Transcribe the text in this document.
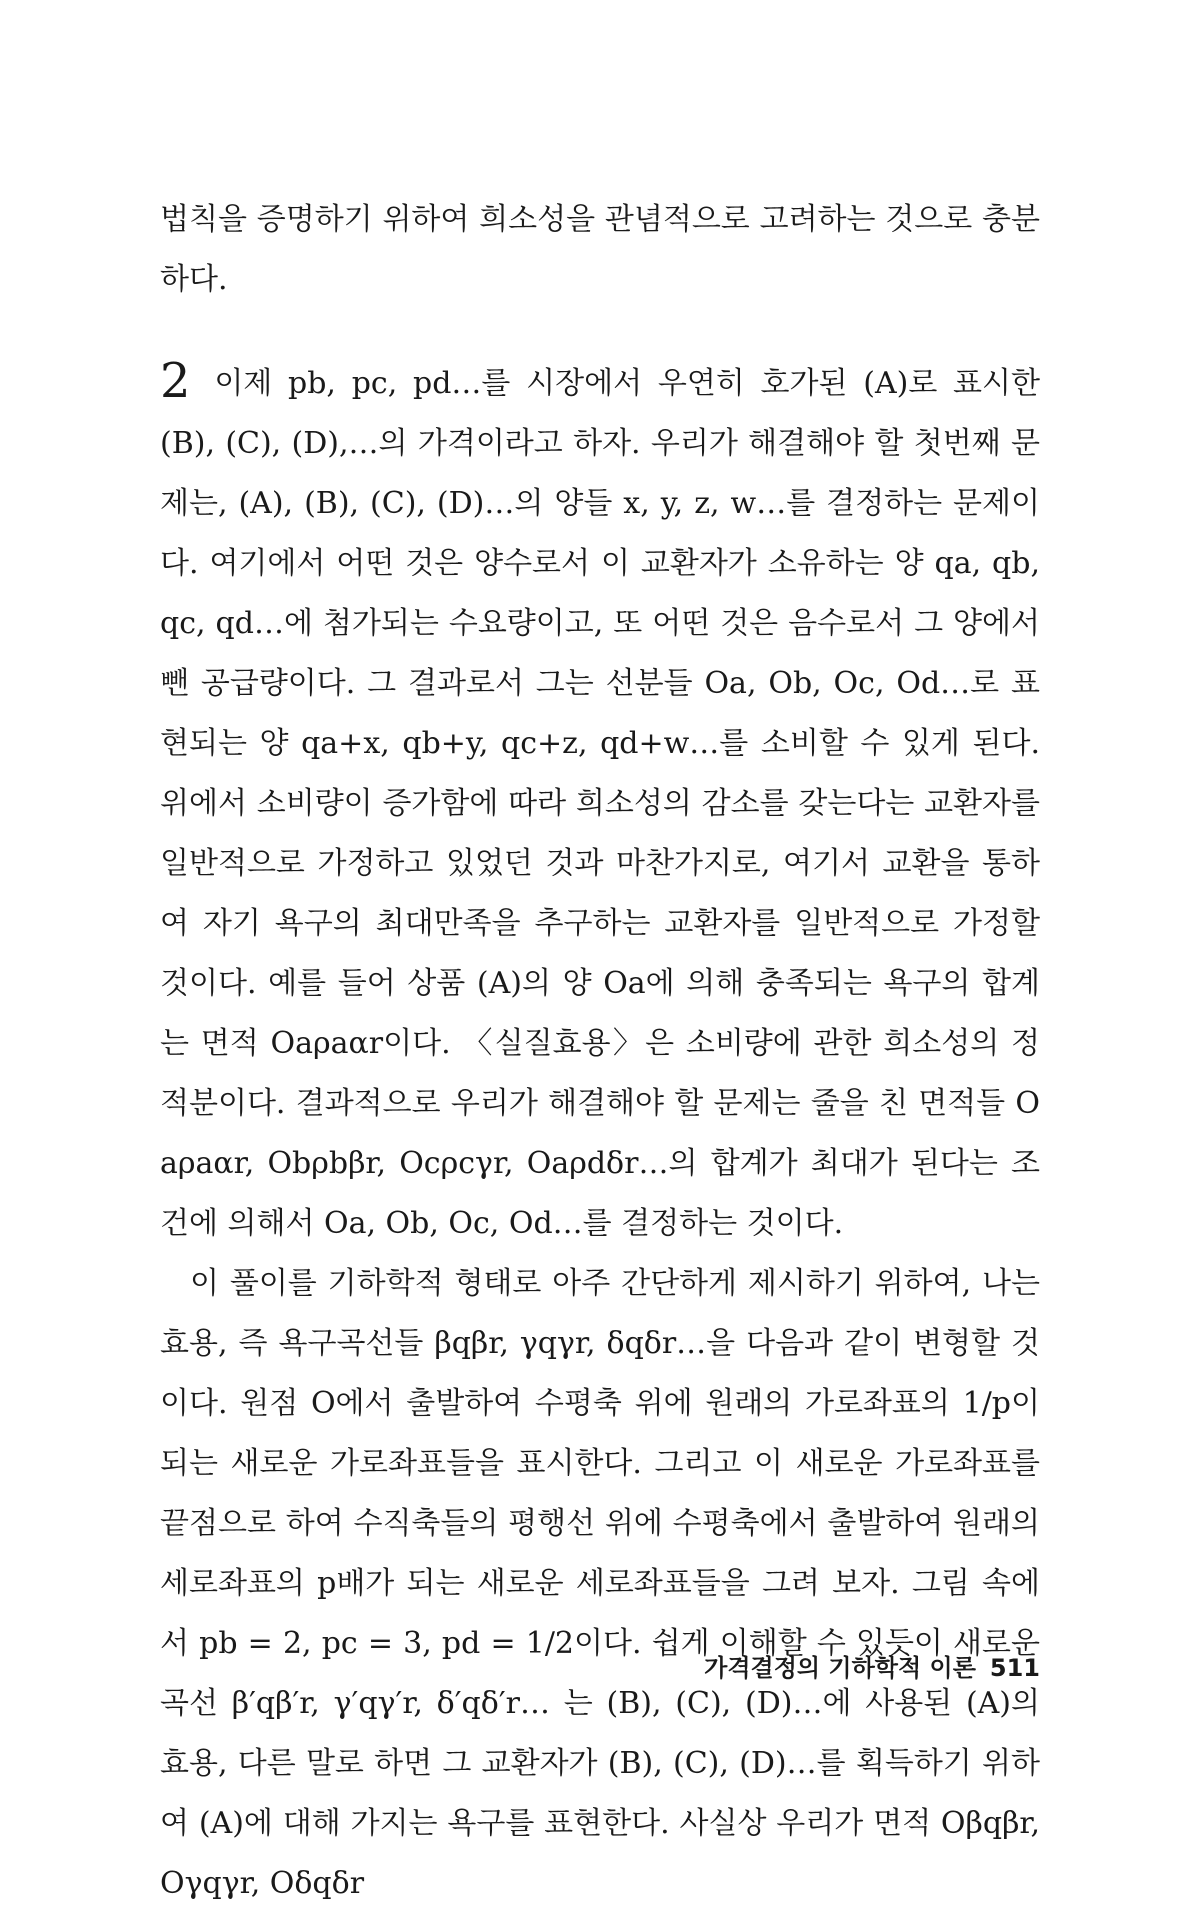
법칙을 증명하기 위하여 희소성을 관념적으로 고려하는 것으로 충분하다.

2 이제 pb, pc, pd…를 시장에서 우연히 호가된 (A)로 표시한 (B), (C), (D),…의 가격이라고 하자. 우리가 해결해야 할 첫번째 문제는, (A), (B), (C), (D)…의 양들 x, y, z, w…를 결정하는 문제이다. 여기에서 어떤 것은 양수로서 이 교환자가 소유하는 양 qa, qb, qc, qd…에 첨가되는 수요량이고, 또 어떤 것은 음수로서 그 양에서 뺀 공급량이다. 그 결과로서 그는 선분들 Oa, Ob, Oc, Od…로 표현되는 양 qa+x, qb+y, qc+z, qd+w…를 소비할 수 있게 된다. 위에서 소비량이 증가함에 따라 희소성의 감소를 갖는다는 교환자를 일반적으로 가정하고 있었던 것과 마찬가지로, 여기서 교환을 통하여 자기 욕구의 최대만족을 추구하는 교환자를 일반적으로 가정할 것이다. 예를 들어 상품 (A)의 양 Oa에 의해 충족되는 욕구의 합계는 면적 Oaρaαr이다. 〈실질효용〉은 소비량에 관한 희소성의 정적분이다. 결과적으로 우리가 해결해야 할 문제는 줄을 친 면적들 Oaρaαr, Obρbβr, Ocρcγr, Oaρdδr…의 합계가 최대가 된다는 조건에 의해서 Oa, Ob, Oc, Od…를 결정하는 것이다.

이 풀이를 기하학적 형태로 아주 간단하게 제시하기 위하여, 나는 효용, 즉 욕구곡선들 βqβr, γqγr, δqδr…을 다음과 같이 변형할 것이다. 원점 O에서 출발하여 수평축 위에 원래의 가로좌표의 1/p이 되는 새로운 가로좌표들을 표시한다. 그리고 이 새로운 가로좌표를 끝점으로 하여 수직축들의 평행선 위에 수평축에서 출발하여 원래의 세로좌표의 p배가 되는 새로운 세로좌표들을 그려 보자. 그림 속에서 pb = 2, pc = 3, pd = 1/2이다. 쉽게 이해할 수 있듯이 새로운 곡선 β′qβ′r, γ′qγ′r, δ′qδ′r… 는 (B), (C), (D)…에 사용된 (A)의 효용, 다른 말로 하면 그 교환자가 (B), (C), (D)…를 획득하기 위하여 (A)에 대해 가지는 욕구를 표현한다. 사실상 우리가 면적 Oβqβr, Oγqγr, Oδqδr

가격결정의 기하학적 이론 511
